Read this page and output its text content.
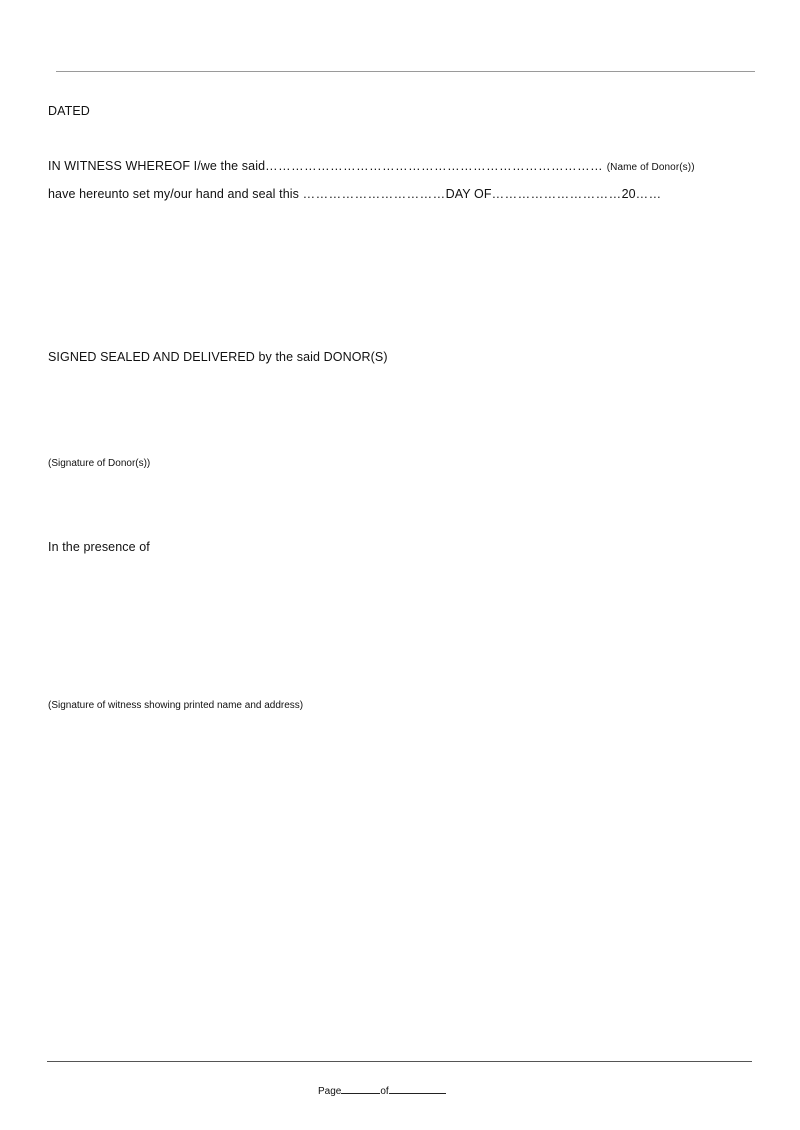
DATED
IN WITNESS WHEREOF I/we the said…………………………………………………………………… (Name of Donor(s))
have hereunto set my/our hand and seal this ……………………………DAY OF…………………………20……
SIGNED SEALED AND DELIVERED by the said DONOR(S)
(Signature of Donor(s))
In the presence of
(Signature of witness showing printed name and address)
Page	of
